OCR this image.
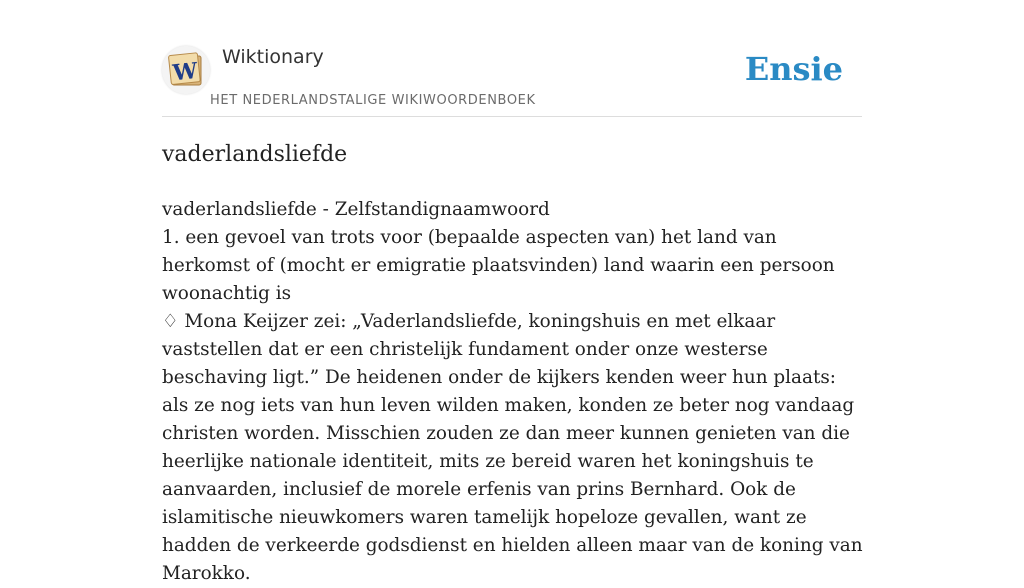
W
Wiktionary
HET NEDERLANDSTALIGE WIKIWOORDENBOEK
Ensie
vaderlandsliefde

vaderlandsliefde - Zelfstandignaamwoord
1. een gevoel van trots voor (bepaalde aspecten van) het land van herkomst of (mocht er emigratie plaatsvinden) land waarin een persoon woonachtig is
♢ Mona Keijzer zei: „Vaderlandsliefde, koningshuis en met elkaar vaststellen dat er een christelijk fundament onder onze westerse beschaving ligt.” De heidenen onder de kijkers kenden weer hun plaats: als ze nog iets van hun leven wilden maken, konden ze beter nog vandaag christen worden. Misschien zouden ze dan meer kunnen genieten van die heerlijke nationale identiteit, mits ze bereid waren het koningshuis te aanvaarden, inclusief de morele erfenis van prins Bernhard. Ook de islamitische nieuwkomers waren tamelijk hopeloze gevallen, want ze hadden de verkeerde godsdienst en hielden alleen maar van de koning van Marokko.
